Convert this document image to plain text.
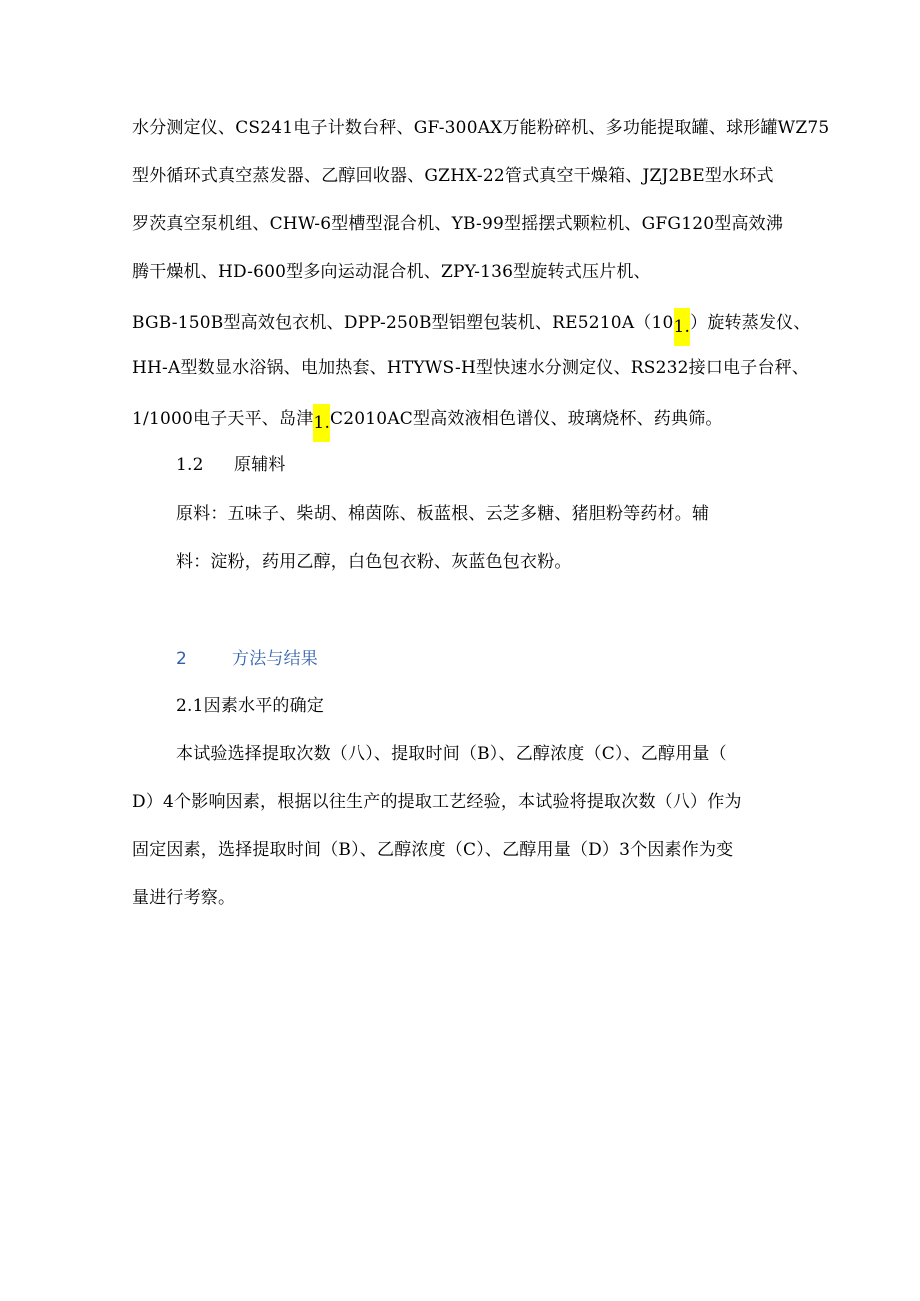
水分测定仪、CS241电子计数台秤、GF-300AX万能粉碎机、多功能提取罐、球形罐WZ75
型外循环式真空蒸发器、乙醇回收器、GZHX-22管式真空干燥箱、JZJ2BE型水环式
罗茨真空泵机组、CHW-6型槽型混合机、YB-99型摇摆式颗粒机、GFG120型高效沸
腾干燥机、HD-600型多向运动混合机、ZPY-136型旋转式压片机、
BGB-150B型高效包衣机、DPP-250B型铝塑包装机、RE5210A（101.）旋转蒸发仪、
HH-A型数显水浴锅、电加热套、HTYWS-H型快速水分测定仪、RS232接口电子台秤、
1/1000电子天平、岛津1.C2010AC型高效液相色谱仪、玻璃烧杯、药典筛。
1.2 原辅料
原料：五味子、柴胡、棉茵陈、板蓝根、云芝多糖、猪胆粉等药材。辅
料：淀粉，药用乙醇，白色包衣粉、灰蓝色包衣粉。
2	方法与结果
2.1因素水平的确定
本试验选择提取次数（八）、提取时间（B）、乙醇浓度（C）、乙醇用量（
D）4个影响因素，根据以往生产的提取工艺经验，本试验将提取次数（八）作为
固定因素，选择提取时间（B）、乙醇浓度（C）、乙醇用量（D）3个因素作为变
量进行考察。
